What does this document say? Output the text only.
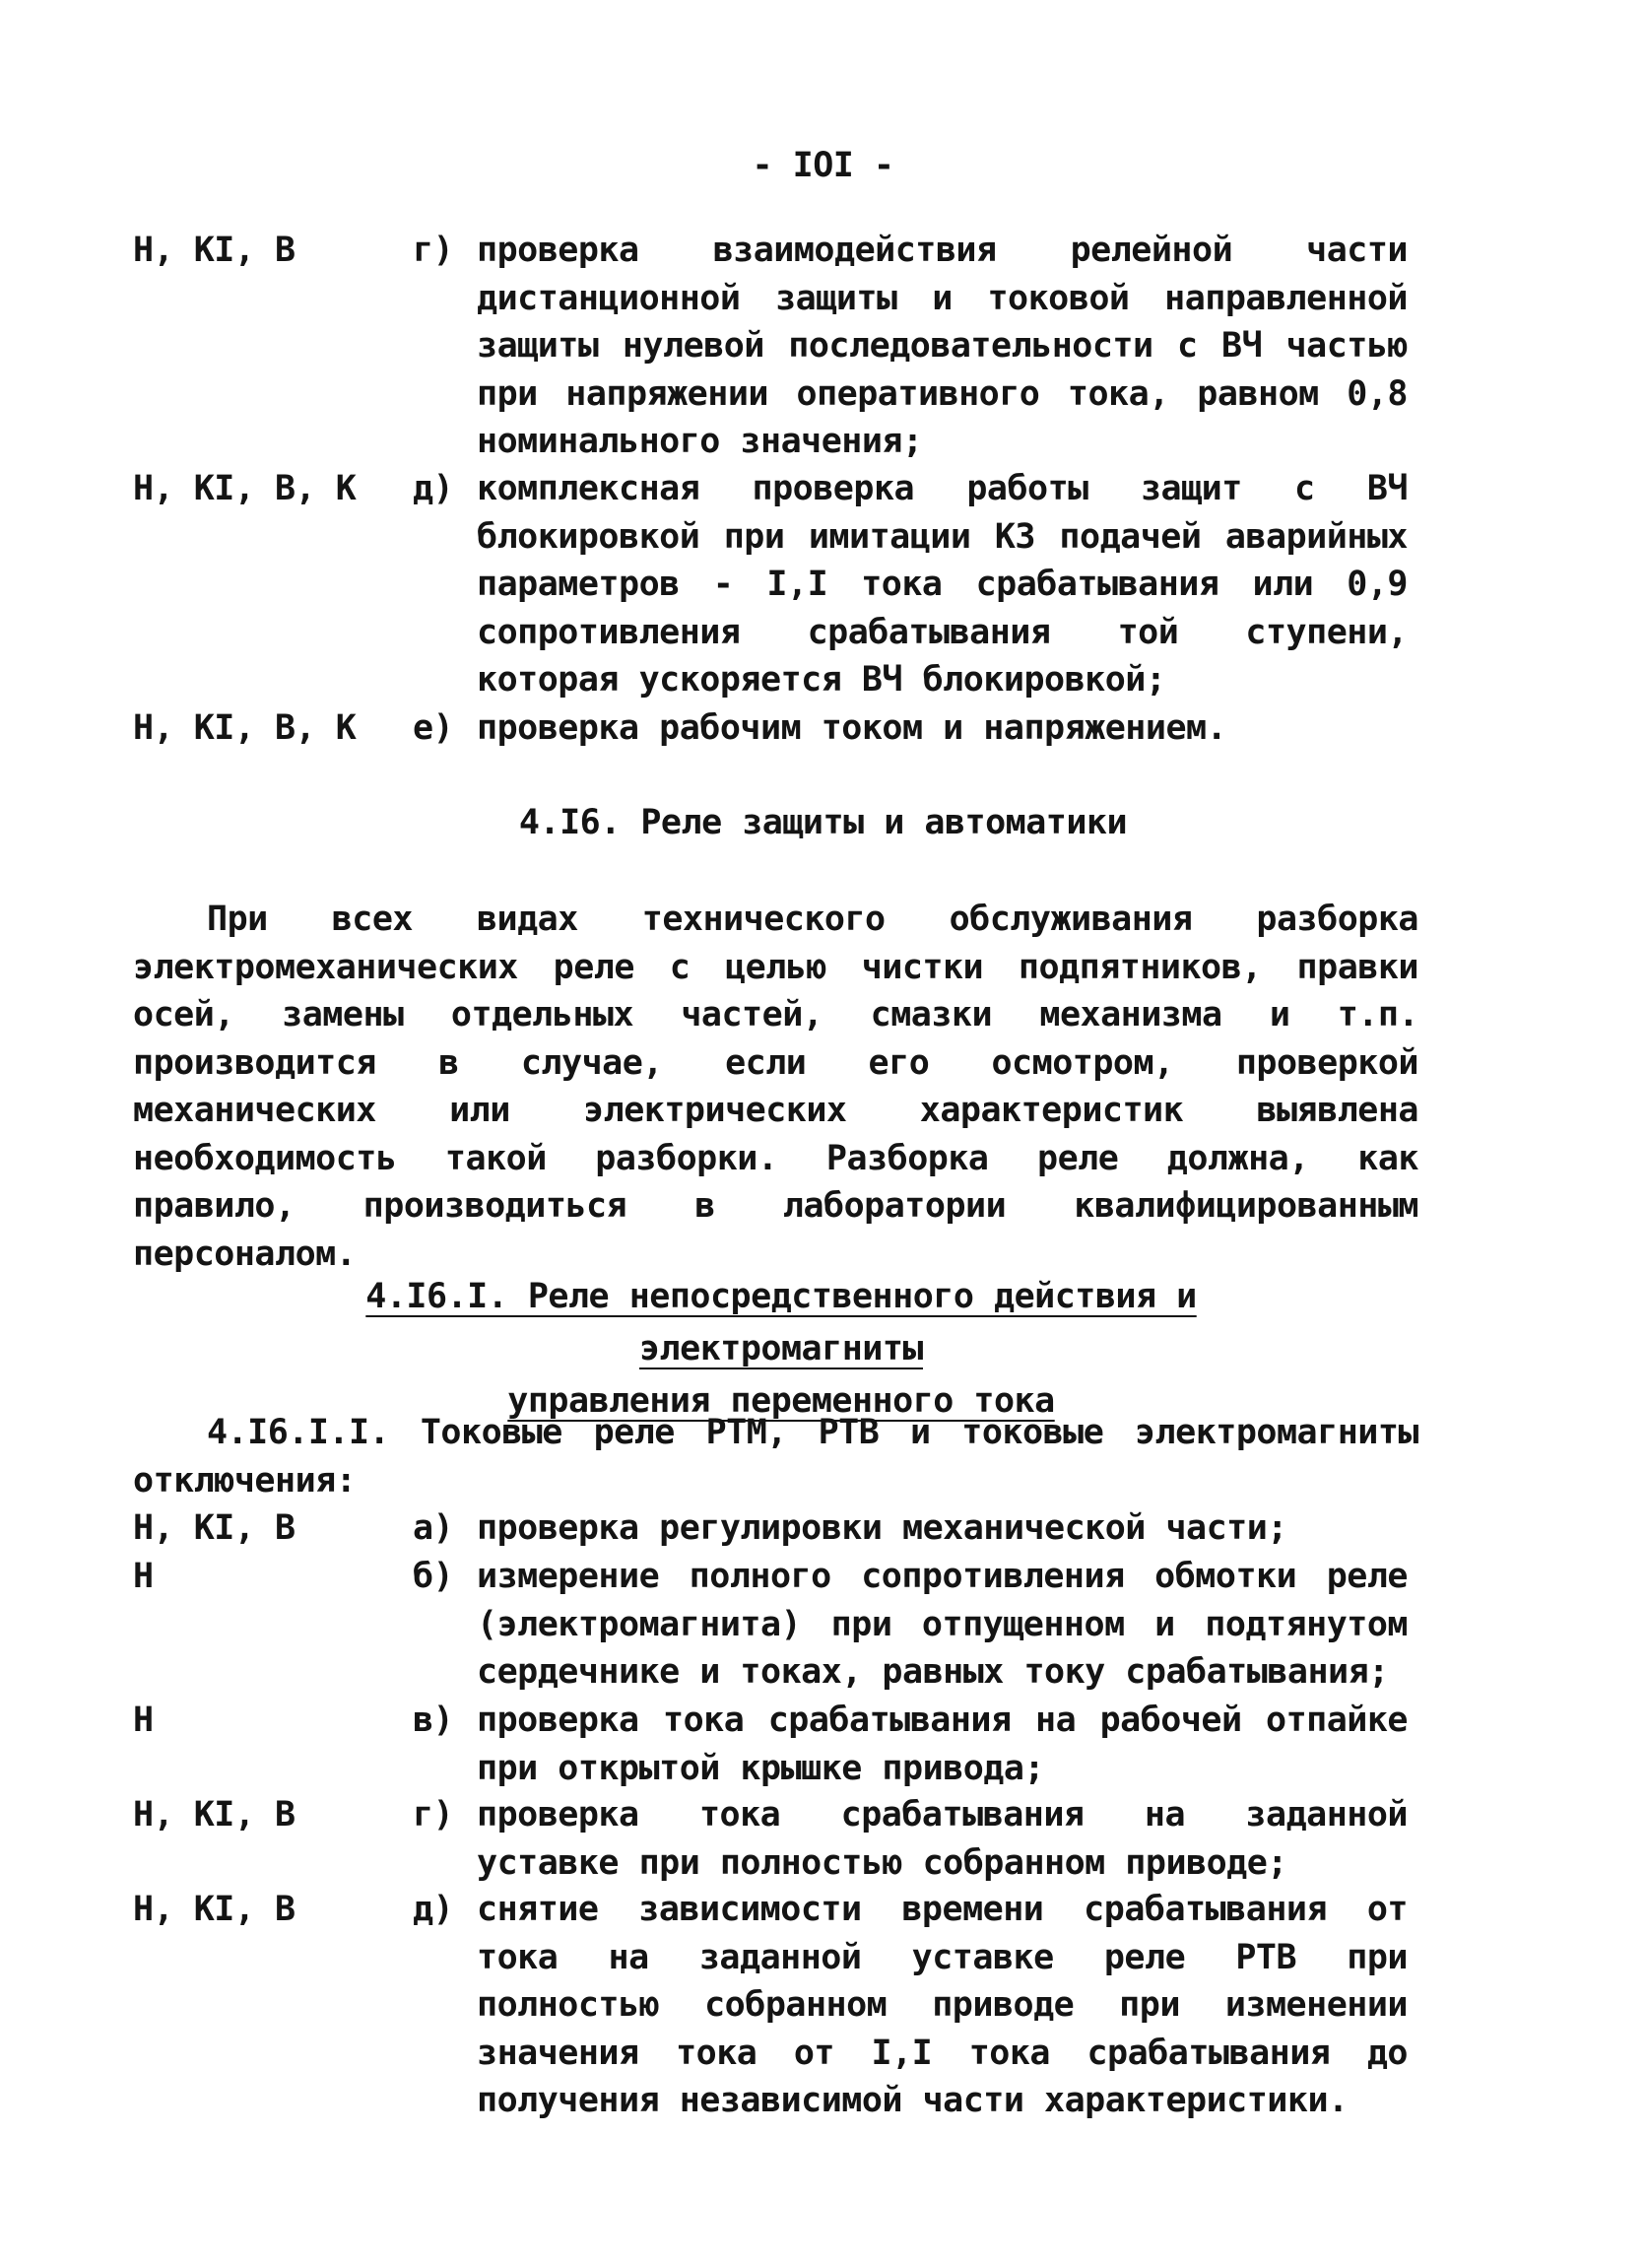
- IOI -
Н, КI, В	г) проверка взаимодействия релейной части дистанционной защиты и токовой направленной защиты нулевой последовательности с ВЧ частью при напряжении оперативного тока, равном 0,8 номинального значения;
Н, КI, В, К д) комплексная проверка работы защит с ВЧ блокировкой при имитации КЗ подачей аварийных параметров - I,I тока срабатывания или 0,9 сопротивления срабатывания той ступени, которая ускоряется ВЧ блокировкой;
Н, КI, В, К е) проверка рабочим током и напряжением.
4.I6. Реле защиты и автоматики
При всех видах технического обслуживания разборка электромеханических реле с целью чистки подпятников, правки осей, замены отдельных частей, смазки механизма и т.п. производится в случае, если его осмотром, проверкой механических или электрических характеристик выявлена необходимость такой разборки. Разборка реле должна, как правило, производиться в лаборатории квалифицированным персоналом.
4.I6.I. Реле непосредственного действия и электромагниты
управления переменного тока
4.I6.I.I. Токовые реле РТМ, РТВ и токовые электромагниты отключения:
Н, КI, В	а) проверка регулировки механической части;
Н	б) измерение полного сопротивления обмотки реле (электромагнита) при отпущенном и подтянутом сердечнике и токах, равных току срабатывания;
Н	в) проверка тока срабатывания на рабочей отпайке при открытой крышке привода;
Н, КI, В	г) проверка тока срабатывания на заданной уставке при полностью собранном приводе;
Н, КI, В	д) снятие зависимости времени срабатывания от тока на заданной уставке реле РТВ при полностью собранном приводе при изменении значения тока от I,I тока срабатывания до получения независимой части характеристики.
